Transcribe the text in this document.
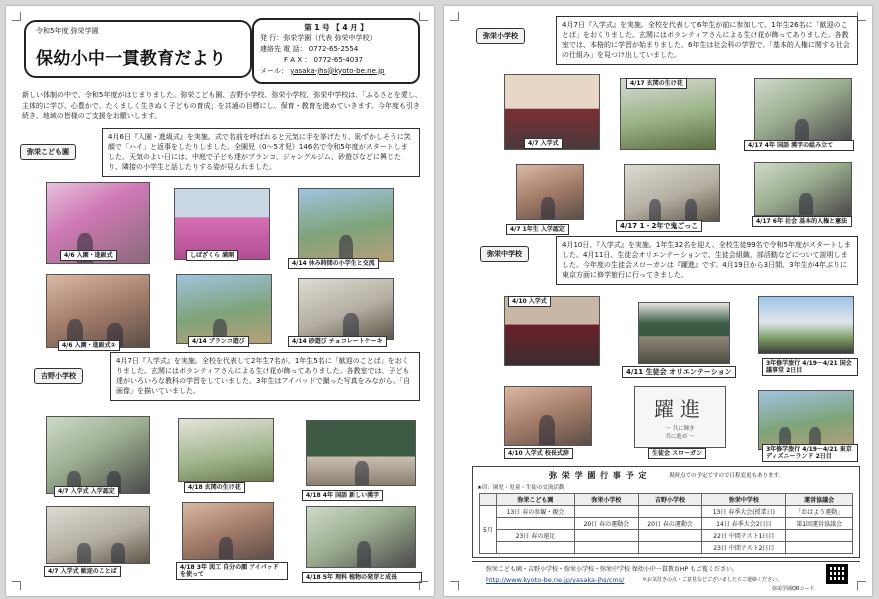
令和5年度 弥栄学園
保幼小中一貫教育だより
第 1 号 【 4 月 】
発 行：弥栄学園（代表 弥栄中学校）
連絡先 電 話： 0772-65-2554
F A X ： 0772-65-4037
メール： yasaka-jhs@kyoto-be.ne.jp
新しい体制の中で、令和5年度がはじまりました。弥栄こども園、吉野小学校、弥栄小学校、弥栄中学校は、「ふるさとを愛し、主体的に学び、心豊かで、たくましく生きぬく子どもの育成」を共通の目標にし、保育・教育を進めていきます。今年度も引き続き、地域の皆様のご支援をお願いします。
弥栄こども園
4月6日『入園・進級式』を実施。式で名前を呼ばれると元気に手を挙げたり、恥ずかしそうに笑顔で「ハイ」と返事をしたりしました。全園児（0～5才児）146名で令和5年度がスタートしました。天気のよい日には、中庭で子ども達がブランコ、ジャングルジム、砂遊びなどに興じたり、隣接の小学生と話したりする姿が見られました。
4/6 入園・進級式	しばざくら 満開
4/14 休み時間の小学生と交流
4/6 入園・進級式②
4/14 ブランコ遊び	4/14 砂遊び チョコレートケーキ
吉野小学校
4月7日『入学式』を実施。全校を代表して2年生7名が、1年生5名に「歓迎のことば」をおくりました。玄関にはボランティアさんによる生け花が飾ってありました。各教室では、子ども達がいろいろな教科の学習をしていました。3年生はアイパッドで撮った写真をみながら、「自画像」を描いていました。
4/7 入学式 入学認定
4/18 玄関の生け花
4/18 4年 国語 新しい漢字
4/7 入学式 歓迎のことば
4/18 3年 図工 自分の顔 アイパッドを使って	4/18 5年 理科 植物の発芽と成長
弥栄小学校
4月7日『入学式』を実施。全校を代表して6年生が前に参加して、1年生26名に「歓迎のことば」をおくりました。玄関にはボランティアさんによる生け花が飾ってありました。各教室では、本格的に学習が始まりました。6年生は社会科の学習で、「基本的人権に関する社会の仕組み」を見つけ出していました。
4/7 入学式
4/17 玄関の生け花
4/17 4年 国語 漢字の組み立て
4/7 1年生 入学認定	4/17 1・2年で鬼ごっこ
4/17 6年 社会 基本的人権と憲法
弥栄中学校
4月10日、『入学式』を実施。1年生32名を迎え、全校生徒99名で令和5年度がスタートしました。4月11日、生徒会オリエンテーションで、生徒会組織、部活動などについて説明しました。今年度の生徒会スローガンは『躍進』です。4月19日から3日間、3年生が4年ぶりに東京方面に修学旅行に行ってきました。
4/10 入学式
4/11 生徒会 オリエンテーション
3年修学旅行 4/19～4/21 国会議事堂 2日目
4/10 入学式 校長式辞
躍進
～ 共に輝き
共に進め ～
生徒会 スローガン
3年修学旅行 4/19～4/21 東京ディズニーランド 2日目
弥 栄 学 園 行 事 予 定	現時点での予定ですので日程変更もあります。
★印：園児・児童・生徒の交流活動
	弥栄こども園	弥栄小学校	吉野小学校	弥栄中学校	運営協議会
5月	13日 春の参観・親会			13日 春季大会(授業日)	「おはよう運動」
		20日 春の運動会	20日 春の運動会	14日 春季大会2日目	第1回運営協議会
	23日 春の遠足			22日 中間テスト1日目	
				23日 中間テスト2日目	
弥栄こども園・吉野小学校・弥栄小学校・弥栄中学校 保幼小中一貫教育HP もご覧ください。
http://www.kyoto-be.ne.jp/yasaka-jhs/cms/	＊お気付きの点・ご意見などございましたらご連絡ください。
弥栄学園QRコード
